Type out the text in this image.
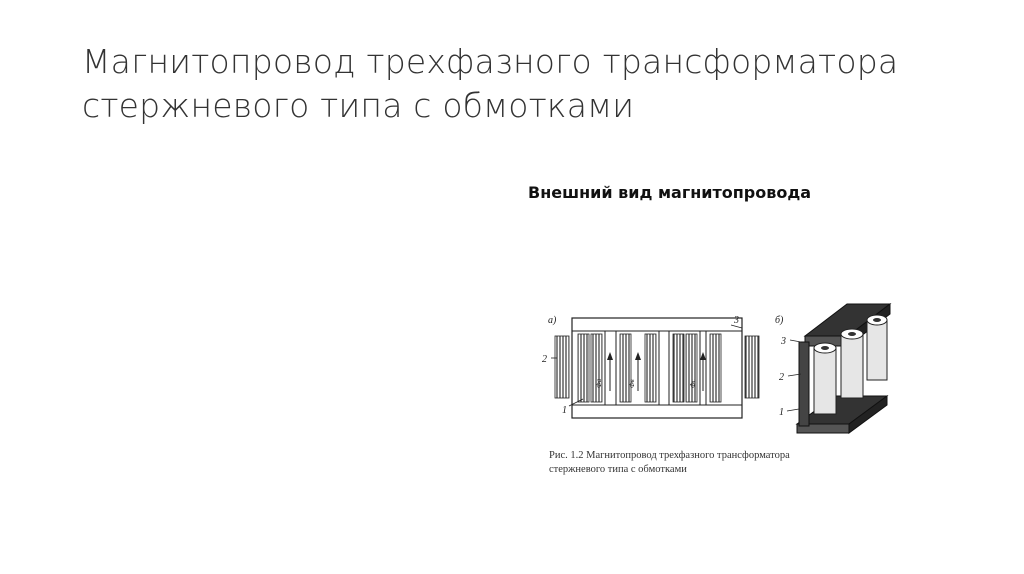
Магнитопровод трехфазного трансформатора
стержневого типа с обмотками
Внешний вид магнитопровода
а)
Фа	Фв	Фс
2
3
1
б)
3
2
1
Рис. 1.2 Магнитопровод трехфазного трансформатора
стержневого типа с обмотками
